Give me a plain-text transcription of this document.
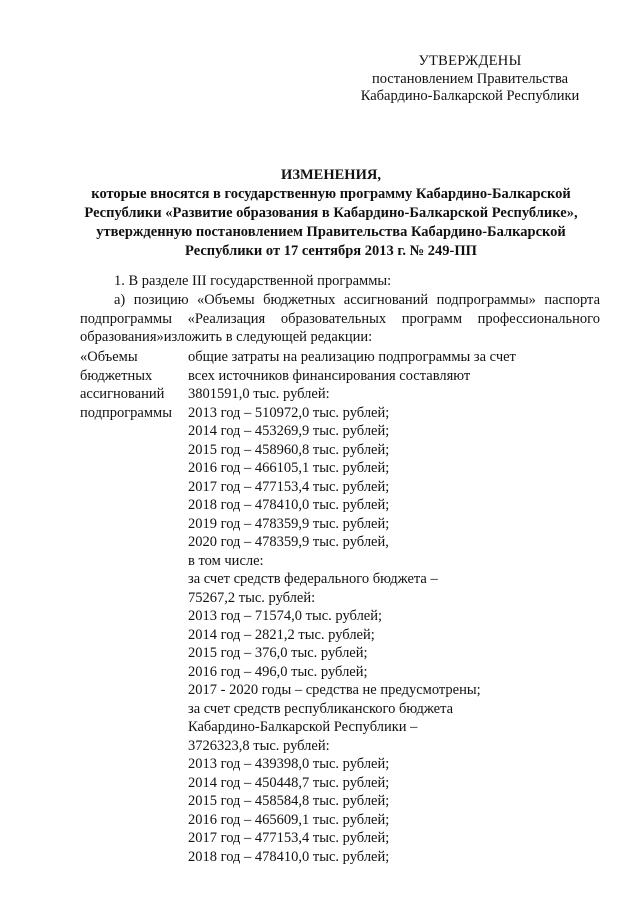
УТВЕРЖДЕНЫ
постановлением Правительства
Кабардино-Балкарской Республики
ИЗМЕНЕНИЯ,
которые вносятся в государственную программу Кабардино-Балкарской
Республики «Развитие образования в Кабардино-Балкарской Республике»,
утвержденную постановлением Правительства Кабардино-Балкарской
Республики от 17 сентября 2013 г. № 249-ПП

1. В разделе III государственной программы:

а) позицию «Объемы бюджетных ассигнований подпрограммы» паспорта подпрограммы «Реализация образовательных программ профессионального образования»изложить в следующей редакции:

«Объемы
бюджетных
ассигнований
подпрограммы
общие затраты на реализацию подпрограммы за счет
всех источников финансирования составляют
3801591,0 тыс. рублей:
2013 год – 510972,0 тыс. рублей;
2014 год – 453269,9 тыс. рублей;
2015 год – 458960,8 тыс. рублей;
2016 год – 466105,1 тыс. рублей;
2017 год – 477153,4 тыс. рублей;
2018 год – 478410,0 тыс. рублей;
2019 год – 478359,9 тыс. рублей;
2020 год – 478359,9 тыс. рублей,
в том числе:
за счет средств федерального бюджета –
75267,2 тыс. рублей:
2013 год – 71574,0 тыс. рублей;
2014 год – 2821,2 тыс. рублей;
2015 год – 376,0 тыс. рублей;
2016 год – 496,0 тыс. рублей;
2017 - 2020 годы – средства не предусмотрены;
за счет средств республиканского бюджета
Кабардино-Балкарской Республики –
3726323,8 тыс. рублей:
2013 год – 439398,0 тыс. рублей;
2014 год – 450448,7 тыс. рублей;
2015 год – 458584,8 тыс. рублей;
2016 год – 465609,1 тыс. рублей;
2017 год – 477153,4 тыс. рублей;
2018 год – 478410,0 тыс. рублей;
